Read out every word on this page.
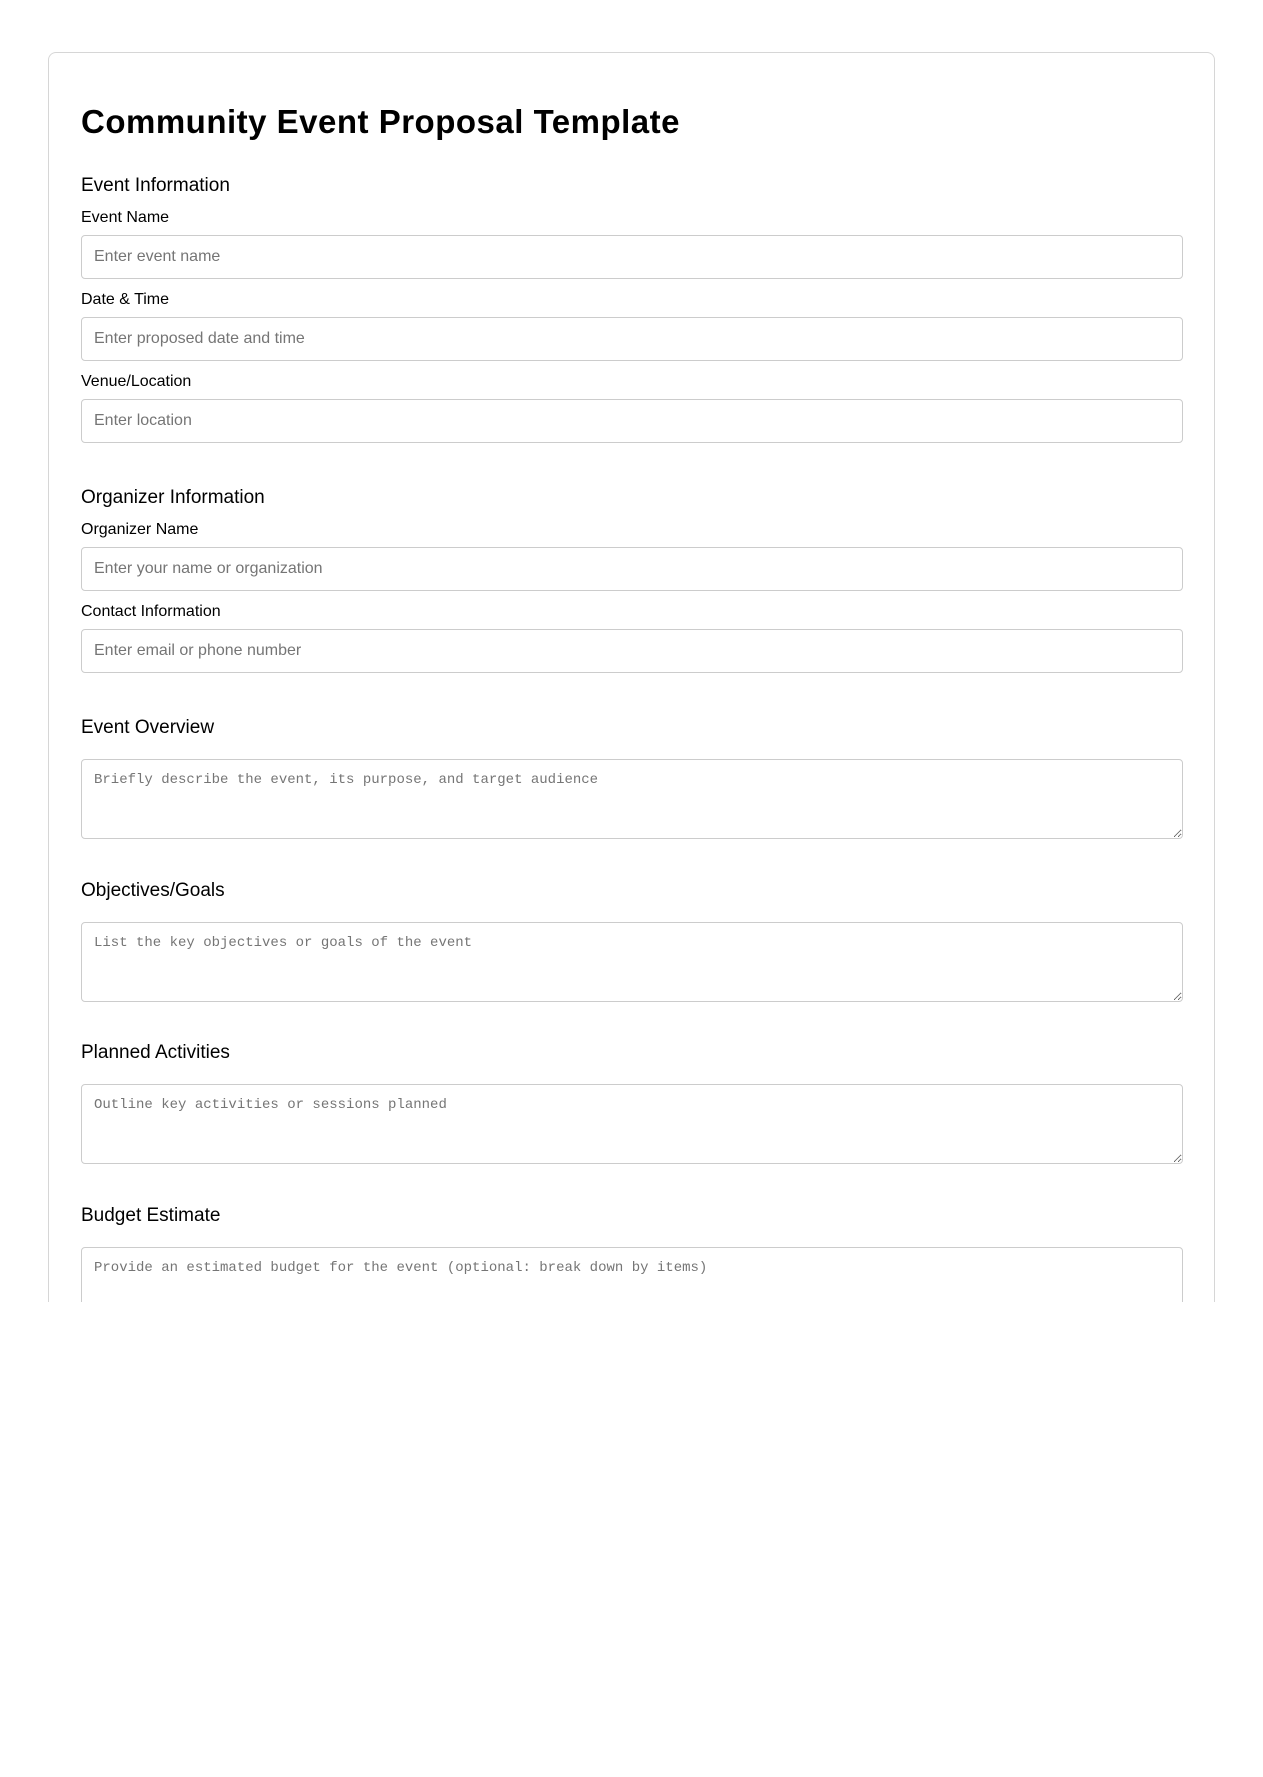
Community Event Proposal Template
Event Information
Event Name
Enter event name
Date & Time
Enter proposed date and time
Venue/Location
Enter location
Organizer Information
Organizer Name
Enter your name or organization
Contact Information
Enter email or phone number
Event Overview
Briefly describe the event, its purpose, and target audience
Objectives/Goals
List the key objectives or goals of the event
Planned Activities
Outline key activities or sessions planned
Budget Estimate
Provide an estimated budget for the event (optional: break down by items)
